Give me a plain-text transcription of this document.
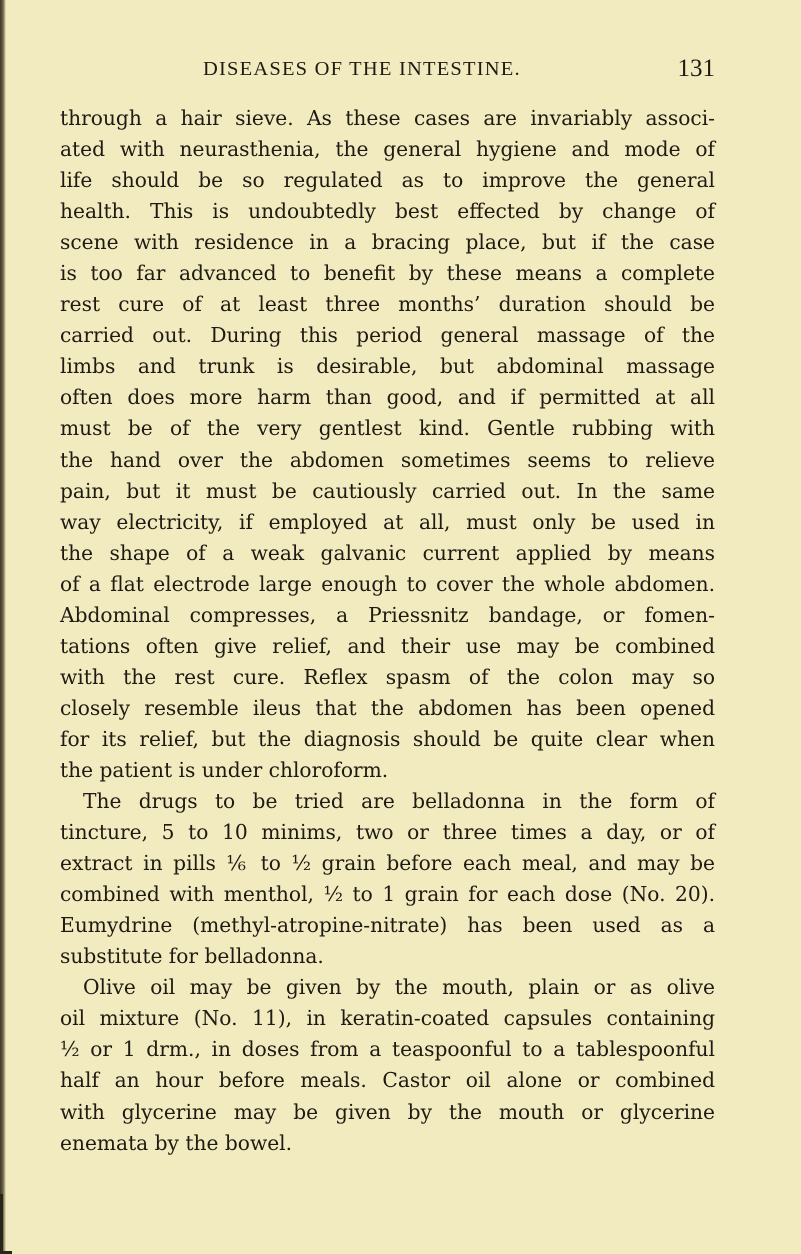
DISEASES OF THE INTESTINE.	131
through a hair sieve. As these cases are invariably associ-
ated with neurasthenia, the general hygiene and mode of
life should be so regulated as to improve the general
health. This is undoubtedly best effected by change of
scene with residence in a bracing place, but if the case
is too far advanced to benefit by these means a complete
rest cure of at least three months’ duration should be
carried out. During this period general massage of the
limbs and trunk is desirable, but abdominal massage
often does more harm than good, and if permitted at all
must be of the very gentlest kind. Gentle rubbing with
the hand over the abdomen sometimes seems to relieve
pain, but it must be cautiously carried out. In the same
way electricity, if employed at all, must only be used in
the shape of a weak galvanic current applied by means
of a flat electrode large enough to cover the whole abdomen.
Abdominal compresses, a Priessnitz bandage, or fomen-
tations often give relief, and their use may be combined
with the rest cure. Reflex spasm of the colon may so
closely resemble ileus that the abdomen has been opened
for its relief, but the diagnosis should be quite clear when
the patient is under chloroform.
The drugs to be tried are belladonna in the form of
tincture, 5 to 10 minims, two or three times a day, or of
extract in pills ⅙ to ½ grain before each meal, and may be
combined with menthol, ½ to 1 grain for each dose (No. 20).
Eumydrine (methyl-atropine-nitrate) has been used as a
substitute for belladonna.
Olive oil may be given by the mouth, plain or as olive
oil mixture (No. 11), in keratin-coated capsules containing
½ or 1 drm., in doses from a teaspoonful to a tablespoonful
half an hour before meals. Castor oil alone or combined
with glycerine may be given by the mouth or glycerine
enemata by the bowel.
